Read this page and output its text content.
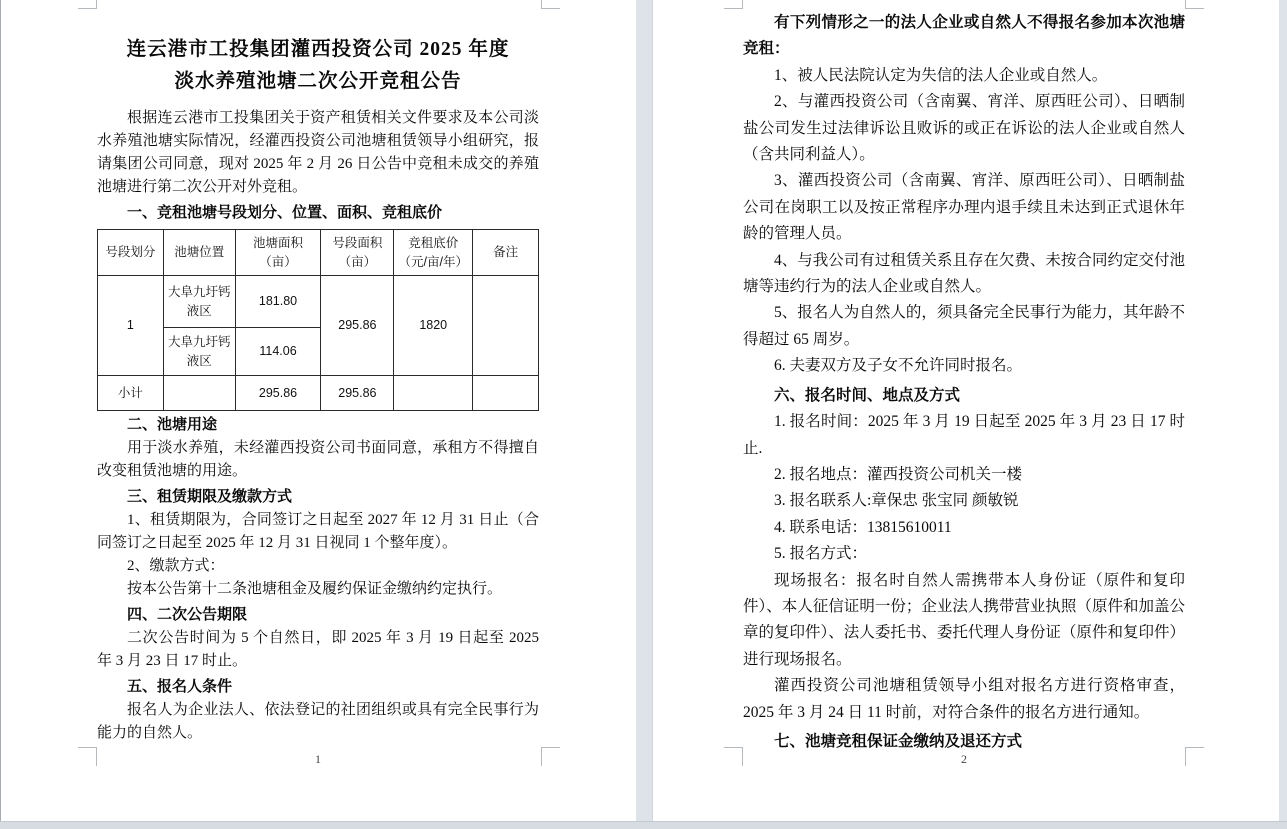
连云港市工投集团灌西投资公司 2025 年度
淡水养殖池塘二次公开竞租公告

根据连云港市工投集团关于资产租赁相关文件要求及本公司淡水养殖池塘实际情况，经灌西投资公司池塘租赁领导小组研究，报请集团公司同意，现对 2025 年 2 月 26 日公告中竞租未成交的养殖池塘进行第二次公开对外竞租。

一、竞租池塘号段划分、位置、面积、竞租底价

号段划分	池塘位置	池塘面积（亩）	号段面积（亩）	竞租底价（元/亩/年）	备注
1	大阜九圩钙液区	181.80	295.86	1820	
	大阜九圩钙液区	114.06			
小计		295.86	295.86		

二、池塘用途

用于淡水养殖，未经灌西投资公司书面同意，承租方不得擅自改变租赁池塘的用途。

三、租赁期限及缴款方式

1、租赁期限为，合同签订之日起至 2027 年 12 月 31 日止（合同签订之日起至 2025 年 12 月 31 日视同 1 个整年度）。

2、缴款方式：

按本公告第十二条池塘租金及履约保证金缴纳约定执行。

四、二次公告期限

二次公告时间为 5 个自然日，即 2025 年 3 月 19 日起至 2025 年 3 月 23 日 17 时止。

五、报名人条件

报名人为企业法人、依法登记的社团组织或具有完全民事行为能力的自然人。

1

有下列情形之一的法人企业或自然人不得报名参加本次池塘竞租：

1、被人民法院认定为失信的法人企业或自然人。

2、与灌西投资公司（含南翼、宵洋、原西旺公司）、日晒制盐公司发生过法律诉讼且败诉的或正在诉讼的法人企业或自然人（含共同利益人）。

3、灌西投资公司（含南翼、宵洋、原西旺公司）、日晒制盐公司在岗职工以及按正常程序办理内退手续且未达到正式退休年龄的管理人员。

4、与我公司有过租赁关系且存在欠费、未按合同约定交付池塘等违约行为的法人企业或自然人。

5、报名人为自然人的，须具备完全民事行为能力，其年龄不得超过 65 周岁。

6. 夫妻双方及子女不允许同时报名。

六、报名时间、地点及方式

1. 报名时间：2025 年 3 月 19 日起至 2025 年 3 月 23 日 17 时止.

2. 报名地点：灌西投资公司机关一楼

3. 报名联系人:章保忠 张宝同 颜敏锐

4. 联系电话：13815610011

5. 报名方式：

现场报名：报名时自然人需携带本人身份证（原件和复印件）、本人征信证明一份；企业法人携带营业执照（原件和加盖公章的复印件）、法人委托书、委托代理人身份证（原件和复印件）进行现场报名。

灌西投资公司池塘租赁领导小组对报名方进行资格审查，2025 年 3 月 24 日 11 时前，对符合条件的报名方进行通知。

七、池塘竞租保证金缴纳及退还方式

2
